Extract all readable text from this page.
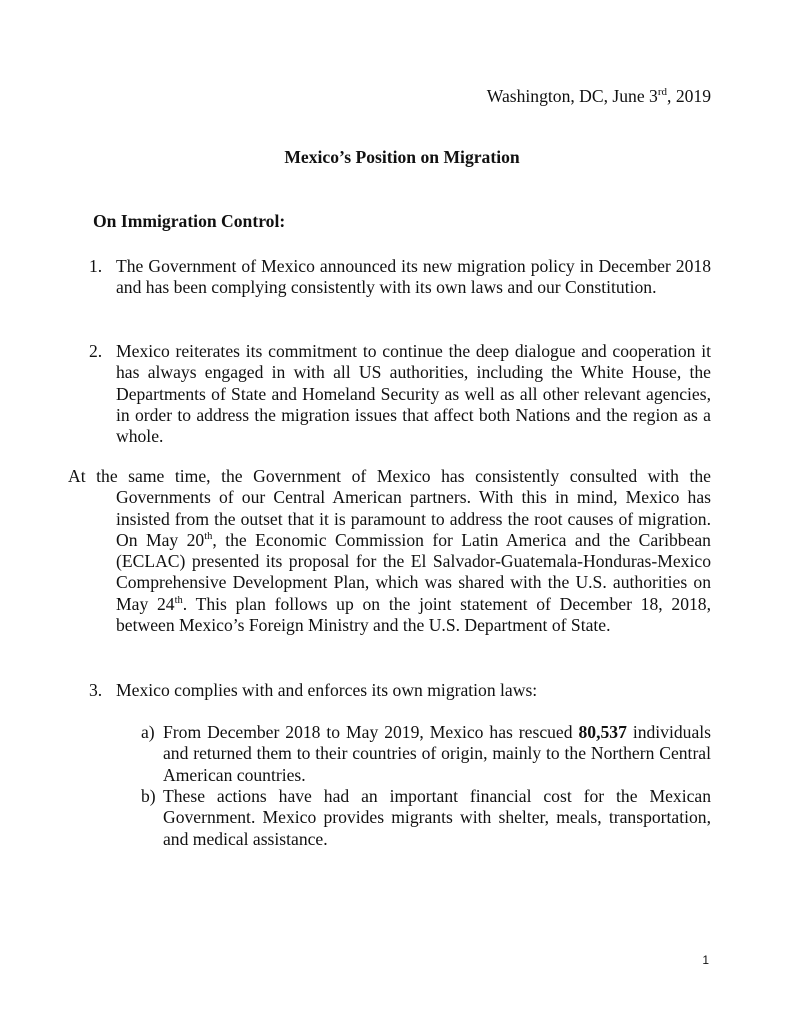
Washington, DC, June 3rd, 2019
Mexico’s Position on Migration
On Immigration Control:
1. The Government of Mexico announced its new migration policy in December 2018 and has been complying consistently with its own laws and our Constitution.
2. Mexico reiterates its commitment to continue the deep dialogue and cooperation it has always engaged in with all US authorities, including the White House, the Departments of State and Homeland Security as well as all other relevant agencies, in order to address the migration issues that affect both Nations and the region as a whole.
At the same time, the Government of Mexico has consistently consulted with the Governments of our Central American partners. With this in mind, Mexico has insisted from the outset that it is paramount to address the root causes of migration. On May 20th, the Economic Commission for Latin America and the Caribbean (ECLAC) presented its proposal for the El Salvador-Guatemala-Honduras-Mexico Comprehensive Development Plan, which was shared with the U.S. authorities on May 24th. This plan follows up on the joint statement of December 18, 2018, between Mexico’s Foreign Ministry and the U.S. Department of State.
3. Mexico complies with and enforces its own migration laws:
a) From December 2018 to May 2019, Mexico has rescued 80,537 individuals and returned them to their countries of origin, mainly to the Northern Central American countries.
b) These actions have had an important financial cost for the Mexican Government. Mexico provides migrants with shelter, meals, transportation, and medical assistance.
1
